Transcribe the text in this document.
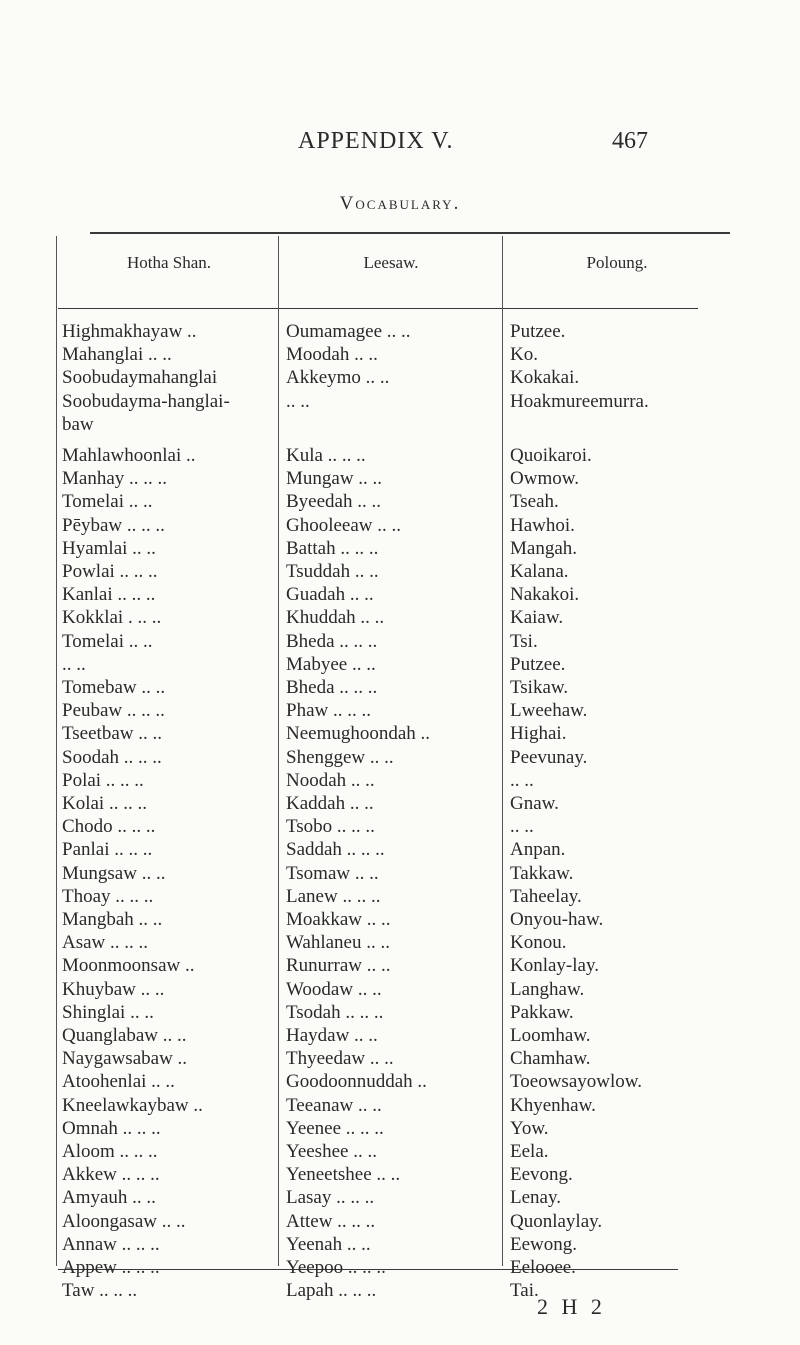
APPENDIX V.	467
Vocabulary.
Hotha Shan.	Leesaw.	Poloung.
Highmakhayaw ..	Oumamagee .. ..	Putzee.
Mahanglai .. ..	Moodah .. ..	Ko.
Soobudaymahanglai	Akkeymo .. ..	Kokakai.
Soobudayma-hanglai-	.. ..	Hoakmureemurra.
baw
Mahlawhoonlai ..	Kula .. .. ..	Quoikaroi.
Manhay .. .. ..	Mungaw .. ..	Owmow.
Tomelai .. ..	Byeedah .. ..	Tseah.
Pēybaw .. .. ..	Ghooleeaw .. ..	Hawhoi.
Hyamlai .. ..	Battah .. .. ..	Mangah.
Powlai .. .. ..	Tsuddah .. ..	Kalana.
Kanlai .. .. ..	Guadah .. ..	Nakakoi.
Kokklai . .. ..	Khuddah .. ..	Kaiaw.
Tomelai .. ..	Bheda .. .. ..	Tsi.
.. ..	Mabyee .. ..	Putzee.
Tomebaw .. ..	Bheda .. .. ..	Tsikaw.
Peubaw .. .. ..	Phaw .. .. ..	Lweehaw.
Tseetbaw .. ..	Neemughoondah ..	Highai.
Soodah .. .. ..	Shenggew .. ..	Peevunay.
Polai .. .. ..	Noodah .. ..	.. ..
Kolai .. .. ..	Kaddah .. ..	Gnaw.
Chodo .. .. ..	Tsobo .. .. ..	.. ..
Panlai .. .. ..	Saddah .. .. ..	Anpan.
Mungsaw .. ..	Tsomaw .. ..	Takkaw.
Thoay .. .. ..	Lanew .. .. ..	Taheelay.
Mangbah .. ..	Moakkaw .. ..	Onyou-haw.
Asaw .. .. ..	Wahlaneu .. ..	Konou.
Moonmoonsaw ..	Runurraw .. ..	Konlay-lay.
Khuybaw .. ..	Woodaw .. ..	Langhaw.
Shinglai .. ..	Tsodah .. .. ..	Pakkaw.
Quanglabaw .. ..	Haydaw .. ..	Loomhaw.
Naygawsabaw ..	Thyeedaw .. ..	Chamhaw.
Atoohenlai .. ..	Goodoonnuddah ..	Toeowsayowlow.
Kneelawkaybaw ..	Teeanaw .. ..	Khyenhaw.
Omnah .. .. ..	Yeenee .. .. ..	Yow.
Aloom .. .. ..	Yeeshee .. ..	Eela.
Akkew .. .. ..	Yeneetshee .. ..	Eevong.
Amyauh .. ..	Lasay .. .. ..	Lenay.
Aloongasaw .. ..	Attew .. .. ..	Quonlaylay.
Annaw .. .. ..	Yeenah .. ..	Eewong.
Appew .. .. ..	Yeepoo .. .. ..	Eelooee.
Taw .. .. ..	Lapah .. .. ..	Tai.
2 H 2
